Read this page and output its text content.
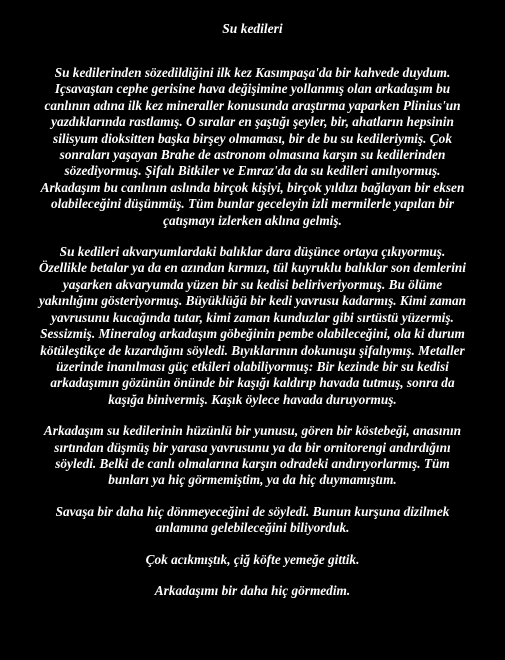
Su kedileri

Su kedilerinden sözedildiğini ilk kez Kasımpaşa'da bir kahvede duydum. Içsavaştan cephe gerisine hava değişimine yollanmış olan arkadaşım bu canlının adına ilk kez mineraller konusunda araştırma yaparken Plinius'un yazdıklarında rastlamış. O sıralar en şaştığı şeyler, bir, ahatların hepsinin silisyum dioksitten başka birşey olmaması, bir de bu su kedileriymiş. Çok sonraları yaşayan Brahe de astronom olmasına karşın su kedilerinden sözediyormuş. Şifalı Bitkiler ve Emraz'da da su kedileri anılıyormuş. Arkadaşım bu canlının aslında birçok kişiyi, birçok yıldızı bağlayan bir eksen olabileceğini düşünmüş. Tüm bunlar geceleyin izli mermilerle yapılan bir çatışmayı izlerken aklına gelmiş.

Su kedileri akvaryumlardaki balıklar dara düşünce ortaya çıkıyormuş. Özellikle betalar ya da en azından kırmızı, tül kuyruklu balıklar son demlerini yaşarken akvaryumda yüzen bir su kedisi beliriveriyormuş. Bu ölüme yakınlığını gösteriyormuş. Büyüklüğü bir kedi yavrusu kadarmış. Kimi zaman yavrusunu kucağında tutar, kimi zaman kunduzlar gibi sırtüstü yüzermiş. Sessizmiş. Mineralog arkadaşım göbeğinin pembe olabileceğini, ola ki durum kötüleştikçe de kızardığını söyledi. Bıyıklarının dokunuşu şifalıymış. Metaller üzerinde inanılması güç etkileri olabiliyormuş: Bir kezinde bir su kedisi arkadaşımın gözünün önünde bir kaşığı kaldırıp havada tutmuş, sonra da kaşığa binivermiş. Kaşık öylece havada duruyormuş.

Arkadaşım su kedilerinin hüzünlü bir yunusu, gören bir köstebeği, anasının sırtından düşmüş bir yarasa yavrusunu ya da bir ornitorengi andırdığını söyledi. Belki de canlı olmalarına karşın odradeki andırıyorlarmış. Tüm bunları ya hiç görmemiştim, ya da hiç duymamıştım.

Savaşa bir daha hiç dönmeyeceğini de söyledi. Bunun kurşuna dizilmek anlamına gelebileceğini biliyorduk.

Çok acıkmıştık, çiğ köfte yemeğe gittik.

Arkadaşımı bir daha hiç görmedim.
